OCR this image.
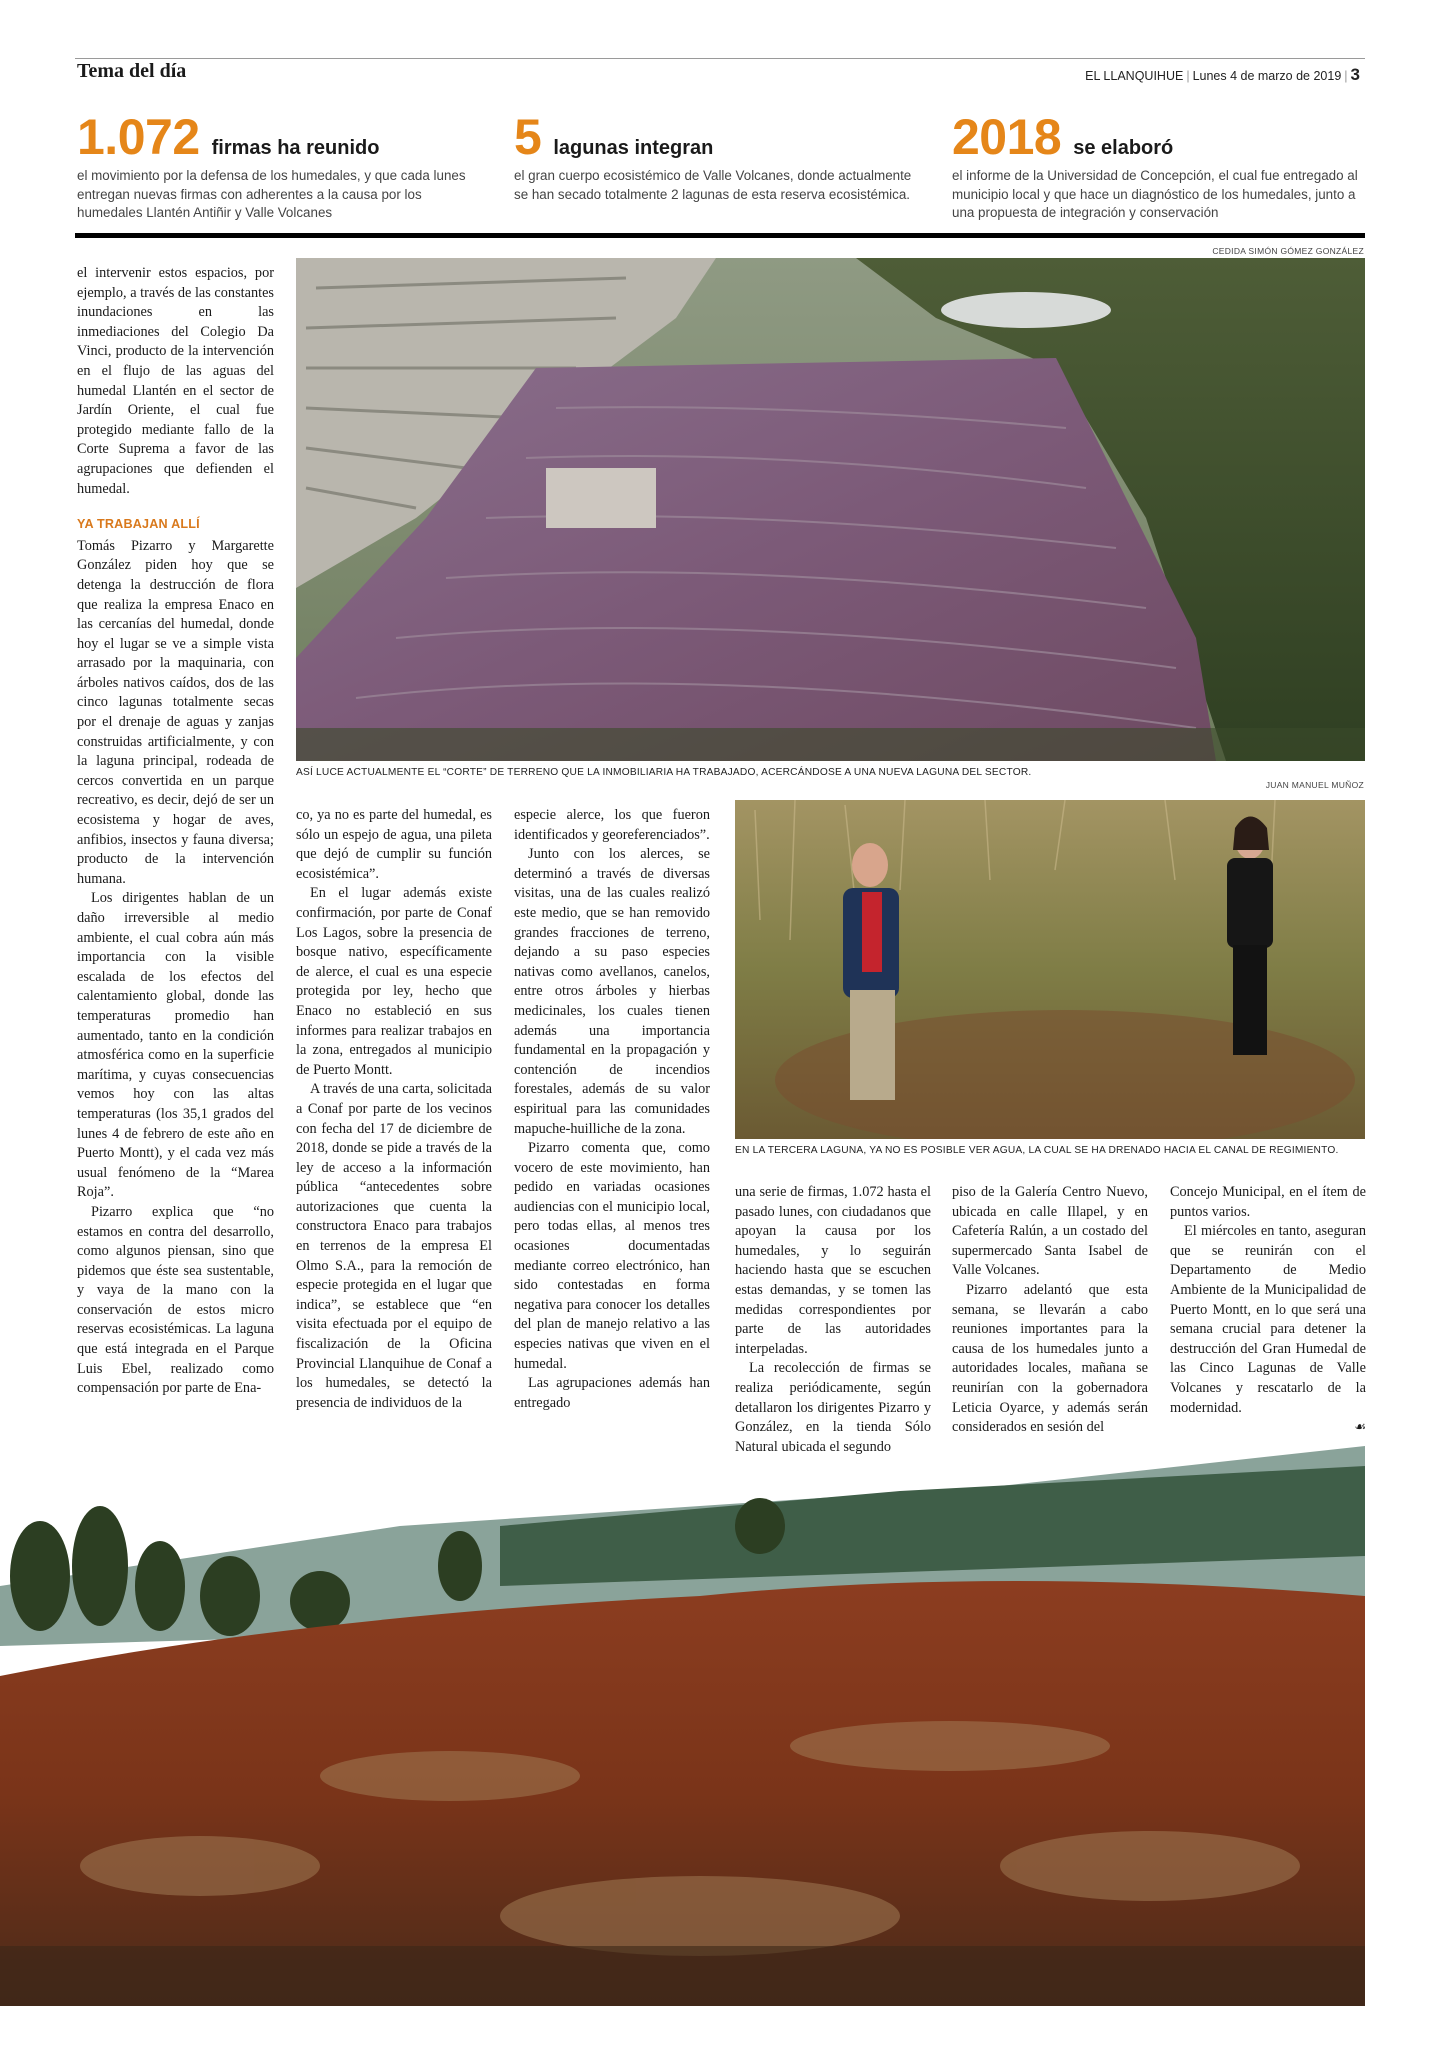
Tema del día	EL LLANQUIHUE | Lunes 4 de marzo de 2019 | 3
1.072 firmas ha reunido
el movimiento por la defensa de los humedales, y que cada lunes entregan nuevas firmas con adherentes a la causa por los humedales Llantén Antiñir y Valle Volcanes
5 lagunas integran
el gran cuerpo ecosistémico de Valle Volcanes, donde actualmente se han secado totalmente 2 lagunas de esta reserva ecosistémica.
2018 se elaboró
el informe de la Universidad de Concepción, el cual fue entregado al municipio local y que hace un diagnóstico de los humedales, junto a una propuesta de integración y conservación
CEDIDA SIMÓN GÓMEZ GONZÁLEZ
ASÍ LUCE ACTUALMENTE EL “CORTE” DE TERRENO QUE LA INMOBILIARIA HA TRABAJADO, ACERCÁNDOSE A UNA NUEVA LAGUNA DEL SECTOR.
JUAN MANUEL MUÑOZ
EN LA TERCERA LAGUNA, YA NO ES POSIBLE VER AGUA, LA CUAL SE HA DRENADO HACIA EL CANAL DE REGIMIENTO.

el intervenir estos espacios, por ejemplo, a través de las constantes inundaciones en las inmediaciones del Colegio Da Vinci, producto de la intervención en el flujo de las aguas del humedal Llantén en el sector de Jardín Oriente, el cual fue protegido mediante fallo de la Corte Suprema a favor de las agrupaciones que defienden el humedal.

YA TRABAJAN ALLÍ

Tomás Pizarro y Margarette González piden hoy que se detenga la destrucción de flora que realiza la empresa Enaco en las cercanías del humedal, donde hoy el lugar se ve a simple vista arrasado por la maquinaria, con árboles nativos caídos, dos de las cinco lagunas totalmente secas por el drenaje de aguas y zanjas construidas artificialmente, y con la laguna principal, rodeada de cercos convertida en un parque recreativo, es decir, dejó de ser un ecosistema y hogar de aves, anfibios, insectos y fauna diversa; producto de la intervención humana.

Los dirigentes hablan de un daño irreversible al medio ambiente, el cual cobra aún más importancia con la visible escalada de los efectos del calentamiento global, donde las temperaturas promedio han aumentado, tanto en la condición atmosférica como en la superficie marítima, y cuyas consecuencias vemos hoy con las altas temperaturas (los 35,1 grados del lunes 4 de febrero de este año en Puerto Montt), y el cada vez más usual fenómeno de la “Marea Roja”.

Pizarro explica que “no estamos en contra del desarrollo, como algunos piensan, sino que pidemos que éste sea sustentable, y vaya de la mano con la conservación de estos micro reservas ecosistémicas. La laguna que está integrada en el Parque Luis Ebel, realizado como compensación por parte de Ena-

co, ya no es parte del humedal, es sólo un espejo de agua, una pileta que dejó de cumplir su función ecosistémica”.

En el lugar además existe confirmación, por parte de Conaf Los Lagos, sobre la presencia de bosque nativo, específicamente de alerce, el cual es una especie protegida por ley, hecho que Enaco no estableció en sus informes para realizar trabajos en la zona, entregados al municipio de Puerto Montt.

A través de una carta, solicitada a Conaf por parte de los vecinos con fecha del 17 de diciembre de 2018, donde se pide a través de la ley de acceso a la información pública “antecedentes sobre autorizaciones que cuenta la constructora Enaco para trabajos en terrenos de la empresa El Olmo S.A., para la remoción de especie protegida en el lugar que indica”, se establece que “en visita efectuada por el equipo de fiscalización de la Oficina Provincial Llanquihue de Conaf a los humedales, se detectó la presencia de individuos de la

especie alerce, los que fueron identificados y georeferenciados”.

Junto con los alerces, se determinó a través de diversas visitas, una de las cuales realizó este medio, que se han removido grandes fracciones de terreno, dejando a su paso especies nativas como avellanos, canelos, entre otros árboles y hierbas medicinales, los cuales tienen además una importancia fundamental en la propagación y contención de incendios forestales, además de su valor espiritual para las comunidades mapuche-huilliche de la zona.

Pizarro comenta que, como vocero de este movimiento, han pedido en variadas ocasiones audiencias con el municipio local, pero todas ellas, al menos tres ocasiones documentadas mediante correo electrónico, han sido contestadas en forma negativa para conocer los detalles del plan de manejo relativo a las especies nativas que viven en el humedal.

Las agrupaciones además han entregado

una serie de firmas, 1.072 hasta el pasado lunes, con ciudadanos que apoyan la causa por los humedales, y lo seguirán haciendo hasta que se escuchen estas demandas, y se tomen las medidas correspondientes por parte de las autoridades interpeladas.

La recolección de firmas se realiza periódicamente, según detallaron los dirigentes Pizarro y González, en la tienda Sólo Natural ubicada el segundo

piso de la Galería Centro Nuevo, ubicada en calle Illapel, y en Cafetería Ralún, a un costado del supermercado Santa Isabel de Valle Volcanes.

Pizarro adelantó que esta semana, se llevarán a cabo reuniones importantes para la causa de los humedales junto a autoridades locales, mañana se reunirían con la gobernadora Leticia Oyarce, y además serán considerados en sesión del

Concejo Municipal, en el ítem de puntos varios.

El miércoles en tanto, aseguran que se reunirán con el Departamento de Medio Ambiente de la Municipalidad de Puerto Montt, en lo que será una semana crucial para detener la destrucción del Gran Humedal de las Cinco Lagunas de Valle Volcanes y rescatarlo de la modernidad.

☙
